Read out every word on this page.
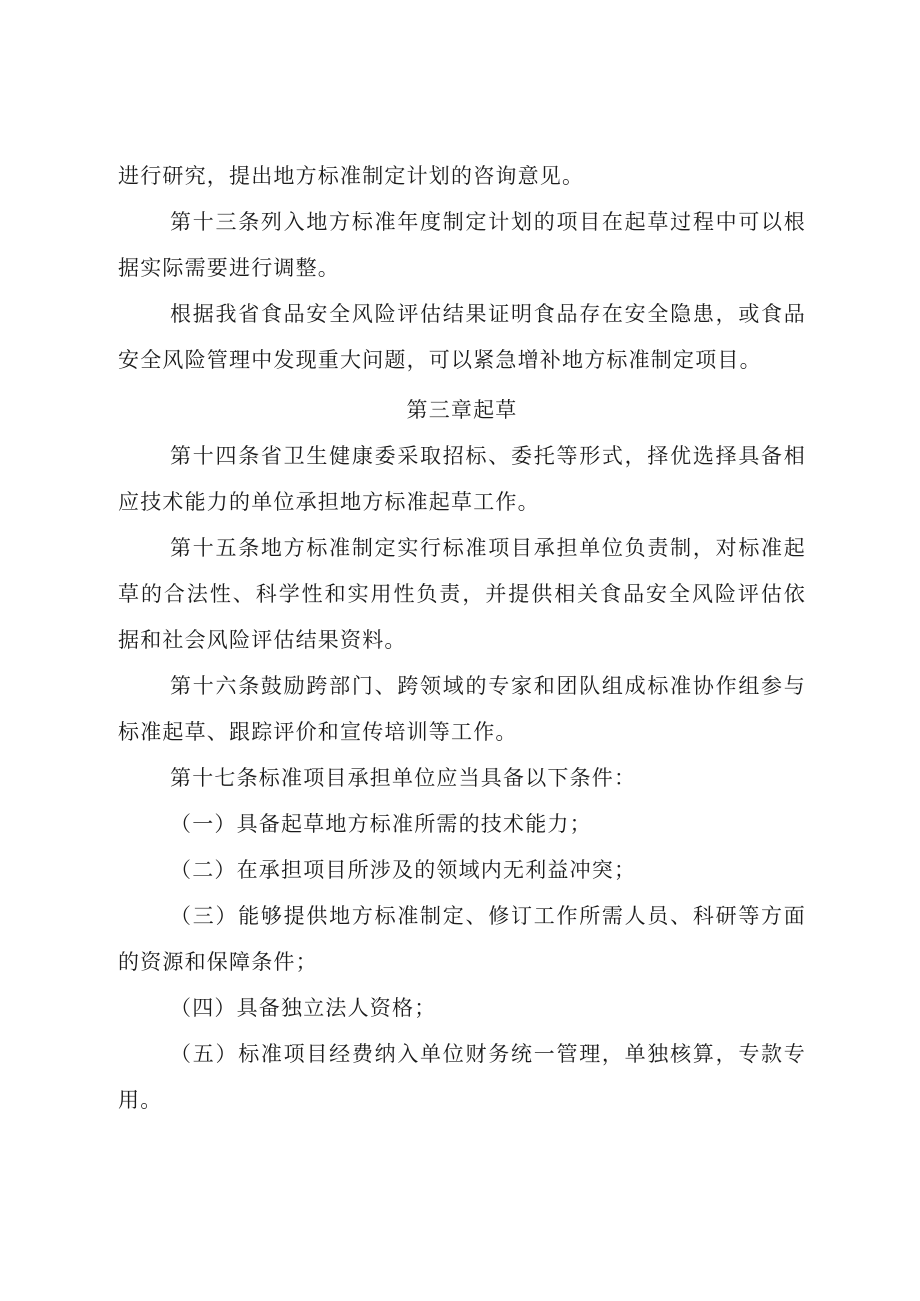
进行研究，提出地方标准制定计划的咨询意见。

第十三条列入地方标准年度制定计划的项目在起草过程中可以根据实际需要进行调整。

根据我省食品安全风险评估结果证明食品存在安全隐患，或食品安全风险管理中发现重大问题，可以紧急增补地方标准制定项目。

第三章起草

第十四条省卫生健康委采取招标、委托等形式，择优选择具备相应技术能力的单位承担地方标准起草工作。

第十五条地方标准制定实行标准项目承担单位负责制，对标准起草的合法性、科学性和实用性负责，并提供相关食品安全风险评估依据和社会风险评估结果资料。

第十六条鼓励跨部门、跨领域的专家和团队组成标准协作组参与标准起草、跟踪评价和宣传培训等工作。

第十七条标准项目承担单位应当具备以下条件：

（一）具备起草地方标准所需的技术能力；

（二）在承担项目所涉及的领域内无利益冲突；

（三）能够提供地方标准制定、修订工作所需人员、科研等方面的资源和保障条件；

（四）具备独立法人资格；

（五）标准项目经费纳入单位财务统一管理，单独核算，专款专用。
